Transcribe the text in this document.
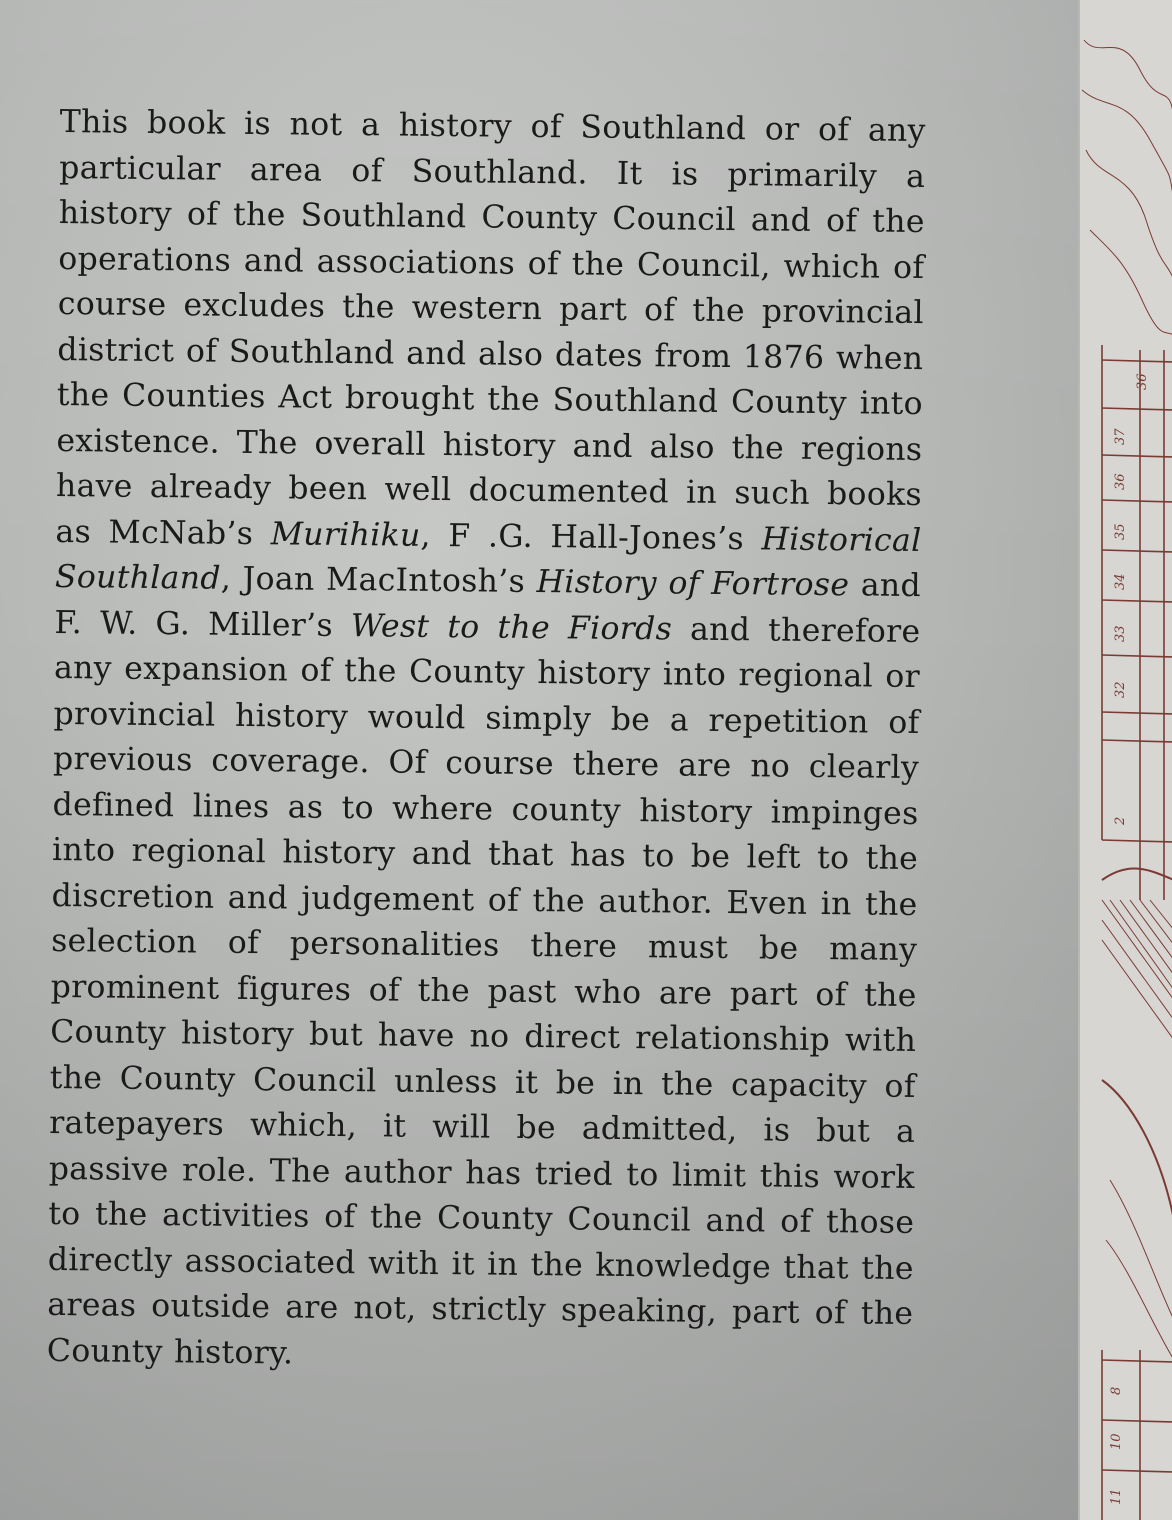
This book is not a history of Southland or of any particular area of Southland. It is primarily a history of the Southland County Council and of the operations and associations of the Council, which of course excludes the western part of the provincial district of Southland and also dates from 1876 when the Counties Act brought the Southland County into existence. The overall history and also the regions have already been well documented in such books as McNab’s Murihiku, F .G. Hall-Jones’s Historical Southland, Joan MacIntosh’s History of Fortrose and F. W. G. Miller’s West to the Fiords and therefore any expansion of the County history into regional or provincial history would simply be a repetition of previous coverage. Of course there are no clearly defined lines as to where county history impinges into regional history and that has to be left to the discretion and judgement of the author. Even in the selection of personalities there must be many prominent figures of the past who are part of the County history but have no direct relationship with the County Council unless it be in the capacity of ratepayers which, it will be admitted, is but a passive role. The author has tried to limit this work to the activities of the County Council and of those directly associated with it in the knowledge that the areas outside are not, strictly speaking, part of the County history.

36
37
36
35
34
33
32
2
8
10
11
